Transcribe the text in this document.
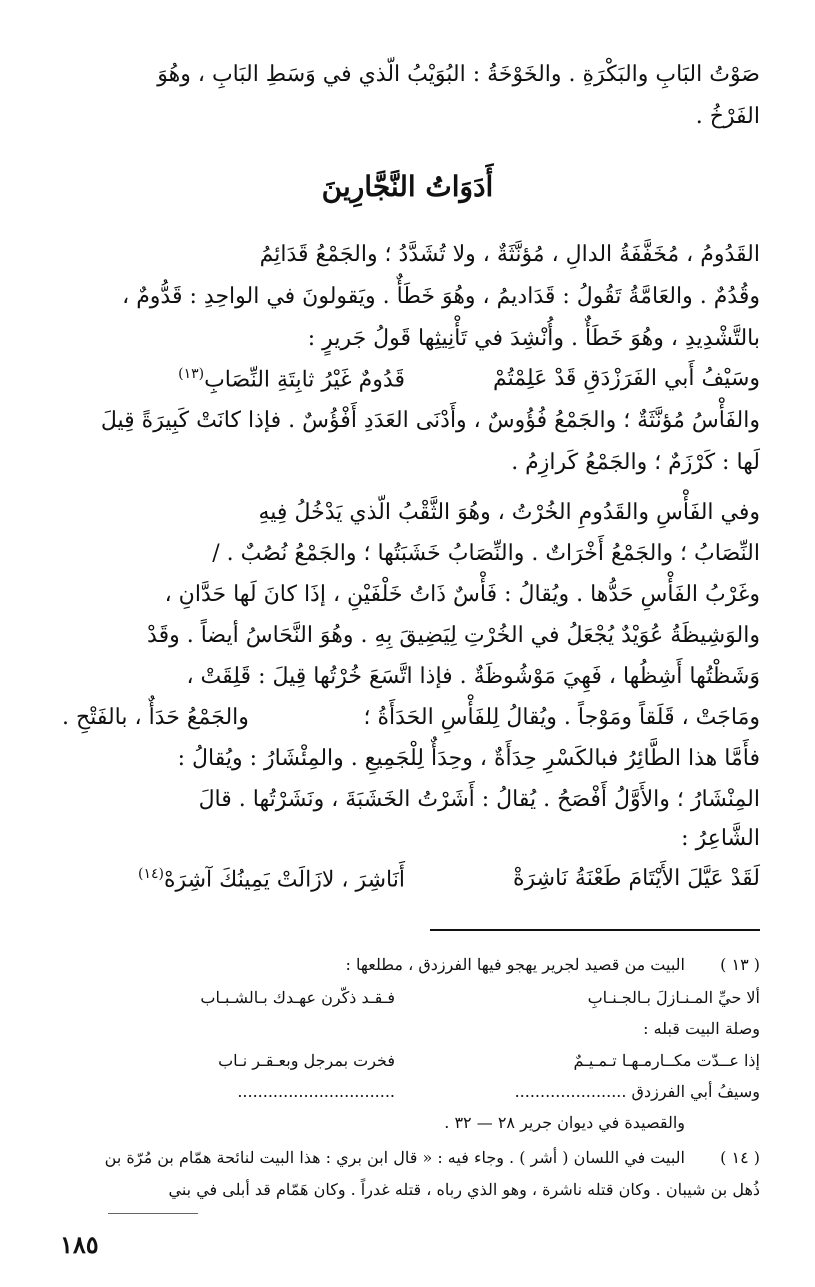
صَوْتُ البَابِ والبَكْرَةِ . والخَوْخَةُ : البُوَيْبُ الّذي في وَسَطِ البَابِ ، وهُوَ
الفَرْخُ .
أَدَوَاتُ النَّجَّارِينَ
القَدُومُ ، مُخَفَّفَةُ الدالِ ، مُؤنَّثَةٌ ، ولا تُشَدَّدُ ؛ والجَمْعُ قَدَائِمُ
وقُدُمٌ . والعَامَّةُ تَقُولُ : قَدَاديمُ ، وهُوَ خَطَأٌ . ويَقولونَ في الواحِدِ : قَدُّومٌ ،
بالتَّشْدِيدِ ، وهُوَ خَطَأٌ . وأُنْشِدَ في تَأْنِيثِها قَولُ جَريرٍ :
وسَيْفُ أَبي الفَرَزْدَقِ قَدْ عَلِمْتُمْ
قَدُومٌ غَيْرُ ثابِتَةِ النِّصَابِ(١٣)
والفَأْسُ مُؤنَّثَةٌ ؛ والجَمْعُ فُؤُوسٌ ، وأَدْنَى العَدَدِ أَفْؤُسٌ . فإذا كانَتْ كَبِيرَةً قِيلَ
لَها : كَرْزَمٌ ؛ والجَمْعُ كَرازِمُ .
وفي الفَأْسِ والقَدُومِ الخُرْتُ ، وهُوَ الثَّقْبُ الّذي يَدْخُلُ فِيهِ
النِّصَابُ ؛ والجَمْعُ أَخْرَاتٌ . والنِّصَابُ خَشَبَتُها ؛ والجَمْعُ نُصُبٌ . /
وغَرْبُ الفَأْسِ حَدُّها . ويُقالُ : فَأْسٌ ذَاتُ خَلْفَيْنِ ، إذَا كانَ لَها حَدَّانِ ،
والوَشِيظَةُ عُوَيْدٌ يُجْعَلُ في الخُرْتِ لِيَضِيقَ بِهِ . وهُوَ النَّحَاسُ أيضاً . وقَدْ
وَشَظْتُها أَشِظُها ، فَهِيَ مَوْشُوظَةٌ . فإذا اتَّسَعَ خُرْتُها قِيلَ : قَلِقَتْ ،
ومَاجَتْ ، قَلَقاً ومَوْجاً . ويُقالُ لِلفَأْسِ الحَدَأَةُ ؛
والجَمْعُ حَدَأٌ ، بالفَتْحِ .
فأَمَّا هذا الطَّائِرُ فبالكَسْرِ حِدَأَةٌ ، وحِدَأٌ لِلْجَمِيعِ . والمِئْشَارُ : ويُقالُ :
المِنْشَارُ ؛ والأَوَّلُ أَفْصَحُ . يُقالُ : أَشَرْتُ الخَشَبَةَ ، ونَشَرْتُها . قالَ
الشَّاعِرُ :
لَقَدْ عَيَّلَ الأَيْتَامَ طَعْنَةُ نَاشِرَةْ
أَنَاشِرَ ، لازَالَتْ يَمِينُكَ آشِرَهْ(١٤)
( ١٣ )
البيت من قصيد لجرير يهجو فيها الفرزدق ، مطلعها :
ألا حيِّ المـنـازلَ بـالجـنـابِ
فـقـد ذكّرن عهـدك بـالشـبـاب
وصلة البيت قبله :
إذا عــدّت مكــارمـهـا تـمـيـمٌ
فخرت بمرجل وبعـقـر نـاب
وسيفُ أبي الفرزدق ......................
...............................
والقصيدة في ديوان جرير ٢٨ — ٣٢ .
( ١٤ )
البيت في اللسان ( أشر ) . وجاء فيه : « قال ابن بري : هذا البيت لنائحة همّام بن مُرّة بن
ذُهل بن شيبان . وكان قتله ناشرة ، وهو الذي رباه ، قتله غدراً . وكان هَمّام قد أبلى في بني
١٨٥
